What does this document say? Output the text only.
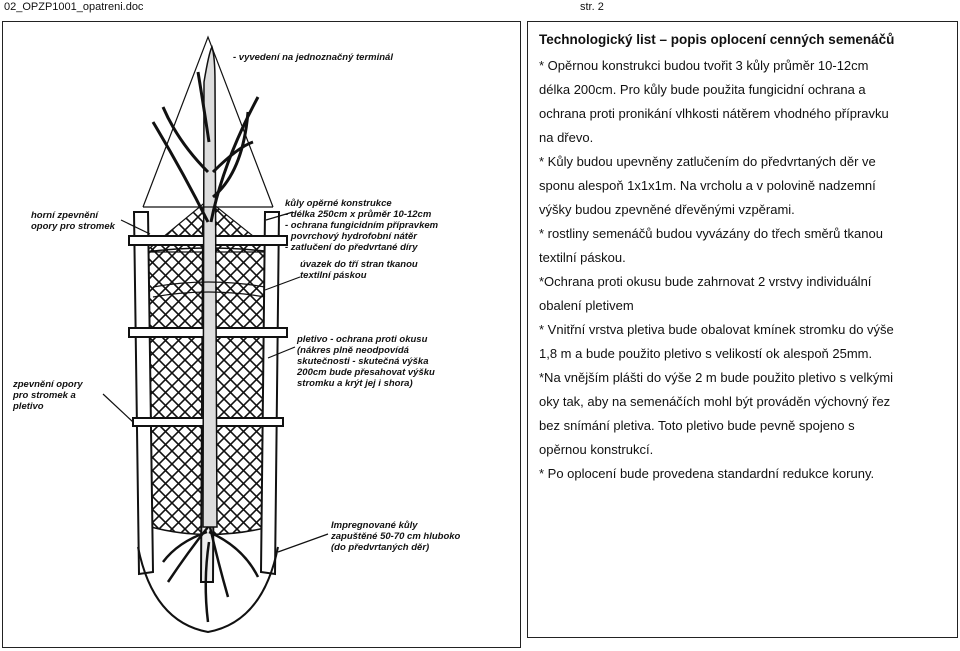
02_OPZP1001_opatreni.doc	str. 2
- vyvedení na jednoznačný terminál
horní zpevnění
opory pro stromek
kůly opěrné konstrukce
- délka 250cm x průměr 10-12cm
- ochrana fungicidním přípravkem
- povrchový hydrofobní nátěr
- zatlučení do předvrtané díry
úvazek do tří stran tkanou
textilní páskou
pletivo - ochrana proti okusu
(nákres plně neodpovídá
skutečnosti - skutečná výška
200cm bude přesahovat výšku
stromku a krýt jej i shora)
zpevnění opory
pro stromek a
pletivo
Impregnované kůly
zapuštěné 50-70 cm hluboko
(do předvrtaných děr)
Technologický list – popis oplocení cenných semenáčů
* Opěrnou konstrukci budou tvořit 3 kůly průměr 10-12cm
délka 200cm. Pro kůly bude použita fungicidní ochrana a
ochrana proti pronikání vlhkosti nátěrem vhodného přípravku
na dřevo.
* Kůly budou upevněny zatlučením do předvrtaných děr ve
sponu alespoň 1x1x1m. Na vrcholu a v polovině nadzemní
výšky budou zpevněné dřevěnými vzpěrami.
* rostliny semenáčů budou vyvázány do třech směrů tkanou
textilní páskou.
*Ochrana proti okusu bude zahrnovat 2 vrstvy individuální
obalení pletivem
* Vnitřní vrstva pletiva bude obalovat kmínek stromku do výše
1,8 m a bude použito pletivo s velikostí ok alespoň 25mm.
*Na vnějším plášti do výše 2 m bude použito pletivo s velkými
oky tak, aby na semenáčích mohl být prováděn výchovný řez
bez snímání pletiva. Toto pletivo bude pevně spojeno s
opěrnou konstrukcí.
* Po oplocení bude provedena standardní redukce koruny.
